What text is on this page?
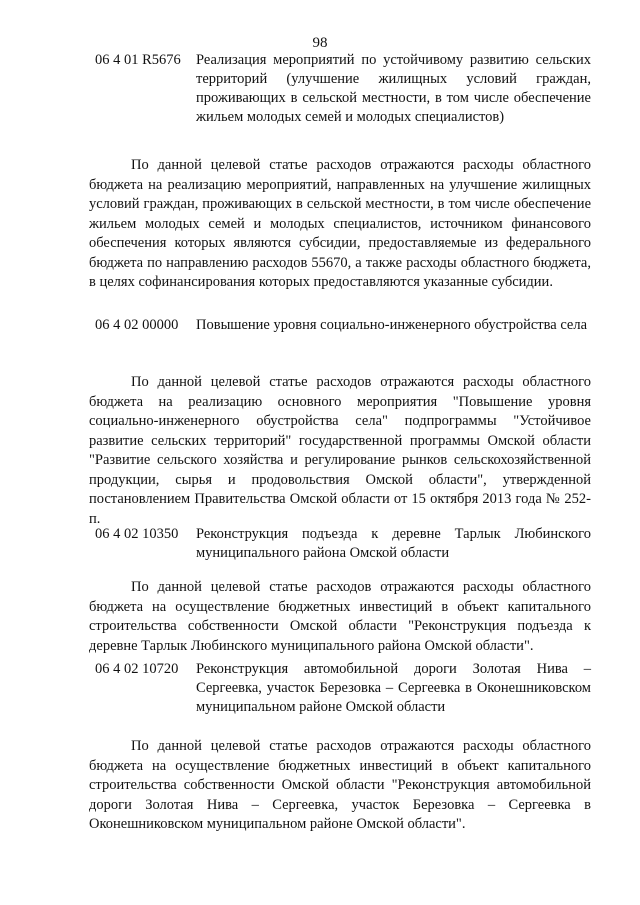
98
06 4 01 R5676	Реализация мероприятий по устойчивому развитию сельских территорий (улучшение жилищных условий граждан, проживающих в сельской местности, в том числе обеспечение жильем молодых семей и молодых специалистов)

По данной целевой статье расходов отражаются расходы областного бюджета на реализацию мероприятий, направленных на улучшение жилищных условий граждан, проживающих в сельской местности, в том числе обеспечение жильем молодых семей и молодых специалистов, источником финансового обеспечения которых являются субсидии, предоставляемые из федерального бюджета по направлению расходов 55670, а также расходы областного бюджета, в целях софинансирования которых предоставляются указанные субсидии.

06 4 02 00000	Повышение уровня социально-инженерного обустройства села

По данной целевой статье расходов отражаются расходы областного бюджета на реализацию основного мероприятия "Повышение уровня социально-инженерного обустройства села" подпрограммы "Устойчивое развитие сельских территорий" государственной программы Омской области "Развитие сельского хозяйства и регулирование рынков сельскохозяйственной продукции, сырья и продовольствия Омской области", утвержденной постановлением Правительства Омской области от 15 октября 2013 года № 252-п.

06 4 02 10350	Реконструкция подъезда к деревне Тарлык Любинского муниципального района Омской области

По данной целевой статье расходов отражаются расходы областного бюджета на осуществление бюджетных инвестиций в объект капитального строительства собственности Омской области "Реконструкция подъезда к деревне Тарлык Любинского муниципального района Омской области".

06 4 02 10720	Реконструкция автомобильной дороги Золотая Нива – Сергеевка, участок Березовка – Сергеевка в Оконешниковском муниципальном районе Омской области

По данной целевой статье расходов отражаются расходы областного бюджета на осуществление бюджетных инвестиций в объект капитального строительства собственности Омской области "Реконструкция автомобильной дороги Золотая Нива – Сергеевка, участок Березовка – Сергеевка в Оконешниковском муниципальном районе Омской области".
